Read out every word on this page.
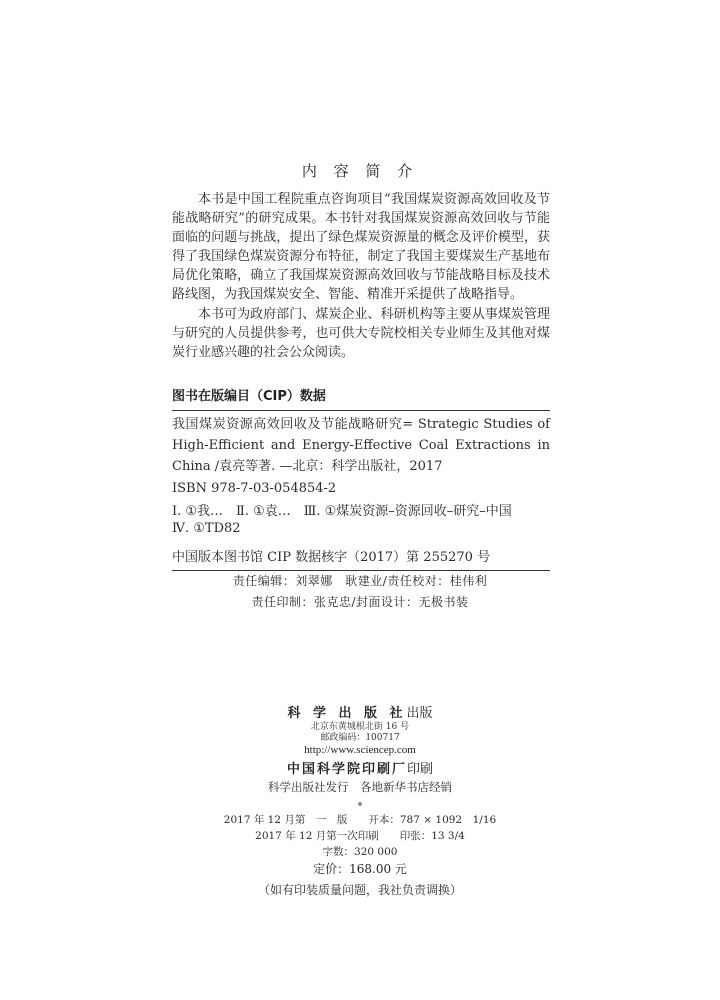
内 容 简 介
本书是中国工程院重点咨询项目“我国煤炭资源高效回收及节能战略研究”的研究成果。本书针对我国煤炭资源高效回收与节能面临的问题与挑战，提出了绿色煤炭资源量的概念及评价模型，获得了我国绿色煤炭资源分布特征，制定了我国主要煤炭生产基地布局优化策略，确立了我国煤炭资源高效回收与节能战略目标及技术路线图，为我国煤炭安全、智能、精准开采提供了战略指导。
本书可为政府部门、煤炭企业、科研机构等主要从事煤炭管理与研究的人员提供参考，也可供大专院校相关专业师生及其他对煤炭行业感兴趣的社会公众阅读。
图书在版编目（CIP）数据
我国煤炭资源高效回收及节能战略研究= Strategic Studies of High-Efficient and Energy-Effective Coal Extractions in China /袁亮等著. —北京：科学出版社，2017
ISBN 978-7-03-054854-2
Ⅰ. ①我…　Ⅱ. ①袁…　Ⅲ. ①煤炭资源–资源回收–研究–中国
Ⅳ. ①TD82
中国版本图书馆 CIP 数据核字（2017）第 255270 号
责任编辑：刘翠娜　耿建业/责任校对：桂伟利
责任印制：张克忠/封面设计：无极书装
科 学 出 版 社出版
北京东黄城根北街 16 号
邮政编码：100717
http://www.sciencep.com
中国科学院印刷厂印刷
科学出版社发行　各地新华书店经销
*
2017 年 12 月第　一　版　　开本：787 × 1092　1/16
2017 年 12 月第一次印刷　　印张：13 3/4
字数：320 000
定价：168.00 元
（如有印装质量问题，我社负责调换）
